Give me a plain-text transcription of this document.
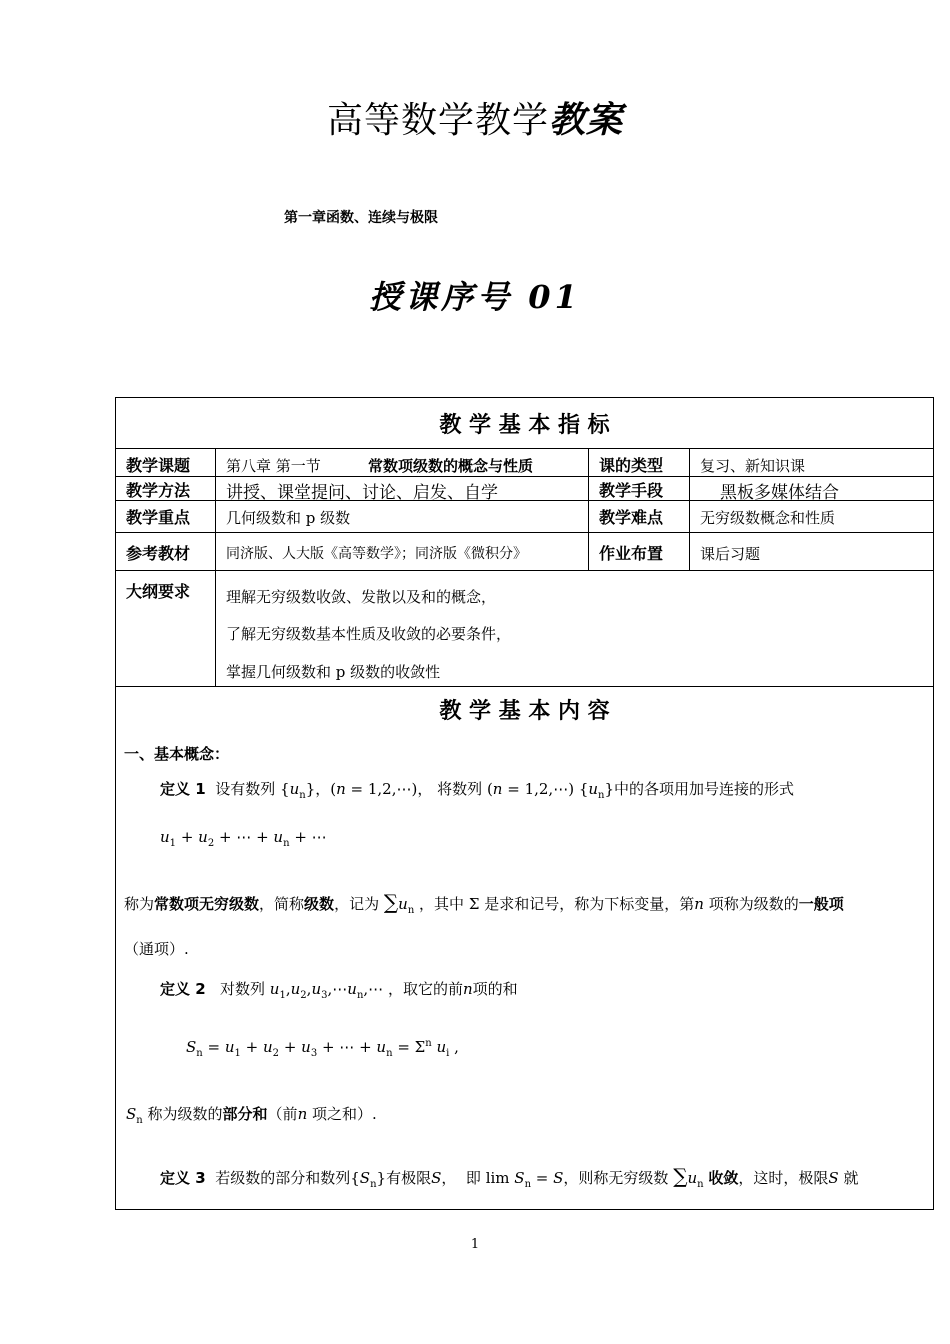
高等数学教学教案
第一章函数、连续与极限
授课序号 01
教 学 基 本 指 标
教学课题 第八章 第一节	常数项级数的概念与性质	课的类型 复习、新知识课
教学方法 讲授、课堂提问、讨论、启发、自学	教学手段	黑板多媒体结合
教学重点 几何级数和 p 级数	教学难点 无穷级数概念和性质
参考教材	同济版、人大版《高等数学》；同济版《微积分》	作业布置 课后习题
大纲要求 理解无穷级数收敛、发散以及和的概念，
了解无穷级数基本性质及收敛的必要条件，
掌握几何级数和 p 级数的收敛性
教 学 基 本 内 容
一、基本概念：
定义 1 设有数列 $\{u_n\}$，(n = 1,2,⋯)， 将数列 (n = 1,2,⋯) $\{u_n\}$中的各项用加号连接的形式
$u_1 + u_2$ + ⋯ + $u_n$ + ⋯
称为常数项无穷级数，简称级数，记为 $\sum u_n$ ，其中 Σ 是求和记号，称为下标变量，第n 项称为级数的一般项
（通项）.
定义 2 对数列 $u_1,u_2,u_3,\cdots u_n,\cdots$ ，取它的前n项的和
$S_n = u_1 + u_2 + u_3$ + ⋯ + $u_n = \Sigma^n$ $u_i$ ,
$S_n$ 称为级数的部分和（前n 项之和）.
定义 3 若级数的部分和数列$\{S_n\}$有极限S，  即 $\lim S_n = S$，则称无穷级数 $\sum u_n$ 收敛，这时，极限S 就
1
